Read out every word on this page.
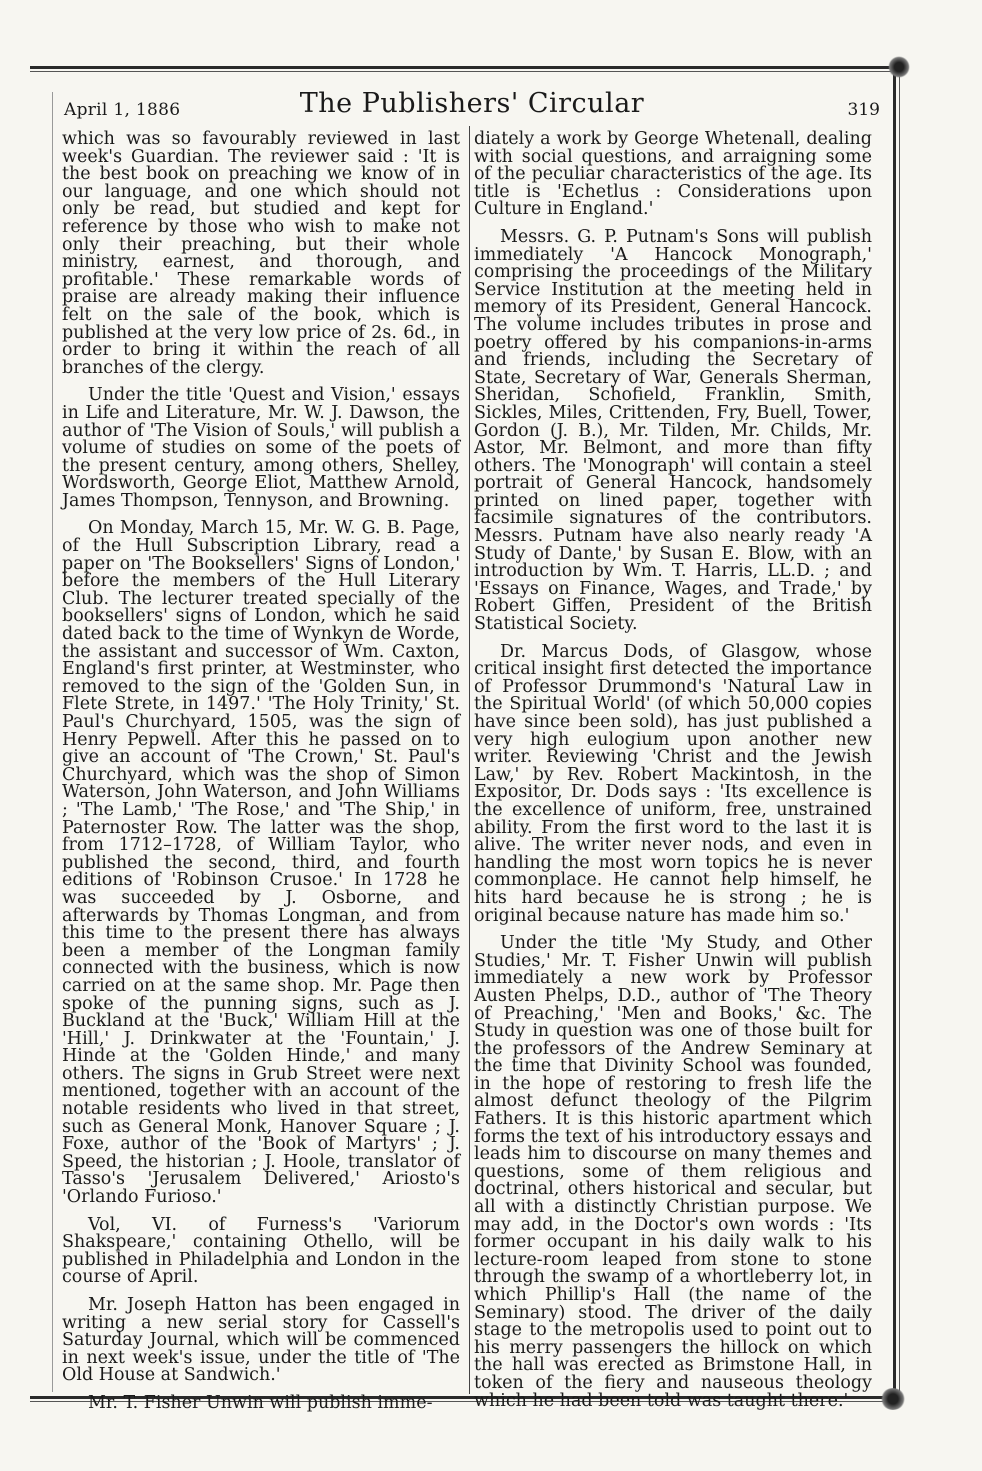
April 1, 1886	The Publishers' Circular	319

which was so favourably reviewed in last week's Guardian. The reviewer said : 'It is the best book on preaching we know of in our language, and one which should not only be read, but studied and kept for reference by those who wish to make not only their preaching, but their whole ministry, earnest, and thorough, and profitable.' These remarkable words of praise are already making their influence felt on the sale of the book, which is published at the very low price of 2s. 6d., in order to bring it within the reach of all branches of the clergy.

Under the title 'Quest and Vision,' essays in Life and Literature, Mr. W. J. Dawson, the author of 'The Vision of Souls,' will publish a volume of studies on some of the poets of the present century, among others, Shelley, Wordsworth, George Eliot, Matthew Arnold, James Thompson, Tennyson, and Browning.

On Monday, March 15, Mr. W. G. B. Page, of the Hull Subscription Library, read a paper on 'The Booksellers' Signs of London,' before the members of the Hull Literary Club. The lecturer treated specially of the booksellers' signs of London, which he said dated back to the time of Wynkyn de Worde, the assistant and successor of Wm. Caxton, England's first printer, at Westminster, who removed to the sign of the 'Golden Sun, in Flete Strete, in 1497.' 'The Holy Trinity,' St. Paul's Churchyard, 1505, was the sign of Henry Pepwell. After this he passed on to give an account of 'The Crown,' St. Paul's Churchyard, which was the shop of Simon Waterson, John Waterson, and John Williams ; 'The Lamb,' 'The Rose,' and 'The Ship,' in Paternoster Row. The latter was the shop, from 1712–1728, of William Taylor, who published the second, third, and fourth editions of 'Robinson Crusoe.' In 1728 he was succeeded by J. Osborne, and afterwards by Thomas Longman, and from this time to the present there has always been a member of the Longman family connected with the business, which is now carried on at the same shop. Mr. Page then spoke of the punning signs, such as J. Buckland at the 'Buck,' William Hill at the 'Hill,' J. Drinkwater at the 'Fountain,' J. Hinde at the 'Golden Hinde,' and many others. The signs in Grub Street were next mentioned, together with an account of the notable residents who lived in that street, such as General Monk, Hanover Square ; J. Foxe, author of the 'Book of Martyrs' ; J. Speed, the historian ; J. Hoole, translator of Tasso's 'Jerusalem Delivered,' Ariosto's 'Orlando Furioso.'

Vol, VI. of Furness's 'Variorum Shakspeare,' containing Othello, will be published in Philadelphia and London in the course of April.

Mr. Joseph Hatton has been engaged in writing a new serial story for Cassell's Saturday Journal, which will be commenced in next week's issue, under the title of 'The Old House at Sandwich.'

Mr. T. Fisher Unwin will publish imme-

diately a work by George Whetenall, dealing with social questions, and arraigning some of the peculiar characteristics of the age. Its title is 'Echetlus : Considerations upon Culture in England.'

Messrs. G. P. Putnam's Sons will publish immediately 'A Hancock Monograph,' comprising the proceedings of the Military Service Institution at the meeting held in memory of its President, General Hancock. The volume includes tributes in prose and poetry offered by his companions-in-arms and friends, including the Secretary of State, Secretary of War, Generals Sherman, Sheridan, Schofield, Franklin, Smith, Sickles, Miles, Crittenden, Fry, Buell, Tower, Gordon (J. B.), Mr. Tilden, Mr. Childs, Mr. Astor, Mr. Belmont, and more than fifty others. The 'Monograph' will contain a steel portrait of General Hancock, handsomely printed on lined paper, together with facsimile signatures of the contributors. Messrs. Putnam have also nearly ready 'A Study of Dante,' by Susan E. Blow, with an introduction by Wm. T. Harris, LL.D. ; and 'Essays on Finance, Wages, and Trade,' by Robert Giffen, President of the British Statistical Society.

Dr. Marcus Dods, of Glasgow, whose critical insight first detected the importance of Professor Drummond's 'Natural Law in the Spiritual World' (of which 50,000 copies have since been sold), has just published a very high eulogium upon another new writer. Reviewing 'Christ and the Jewish Law,' by Rev. Robert Mackintosh, in the Expositor, Dr. Dods says : 'Its excellence is the excellence of uniform, free, unstrained ability. From the first word to the last it is alive. The writer never nods, and even in handling the most worn topics he is never commonplace. He cannot help himself, he hits hard because he is strong ; he is original because nature has made him so.'

Under the title 'My Study, and Other Studies,' Mr. T. Fisher Unwin will publish immediately a new work by Professor Austen Phelps, D.D., author of 'The Theory of Preaching,' 'Men and Books,' &c. The Study in question was one of those built for the professors of the Andrew Seminary at the time that Divinity School was founded, in the hope of restoring to fresh life the almost defunct theology of the Pilgrim Fathers. It is this historic apartment which forms the text of his introductory essays and leads him to discourse on many themes and questions, some of them religious and doctrinal, others historical and secular, but all with a distinctly Christian purpose. We may add, in the Doctor's own words : 'Its former occupant in his daily walk to his lecture-room leaped from stone to stone through the swamp of a whortleberry lot, in which Phillip's Hall (the name of the Seminary) stood. The driver of the daily stage to the metropolis used to point out to his merry passengers the hillock on which the hall was erected as Brimstone Hall, in token of the fiery and nauseous theology which he had been told was taught there.'
